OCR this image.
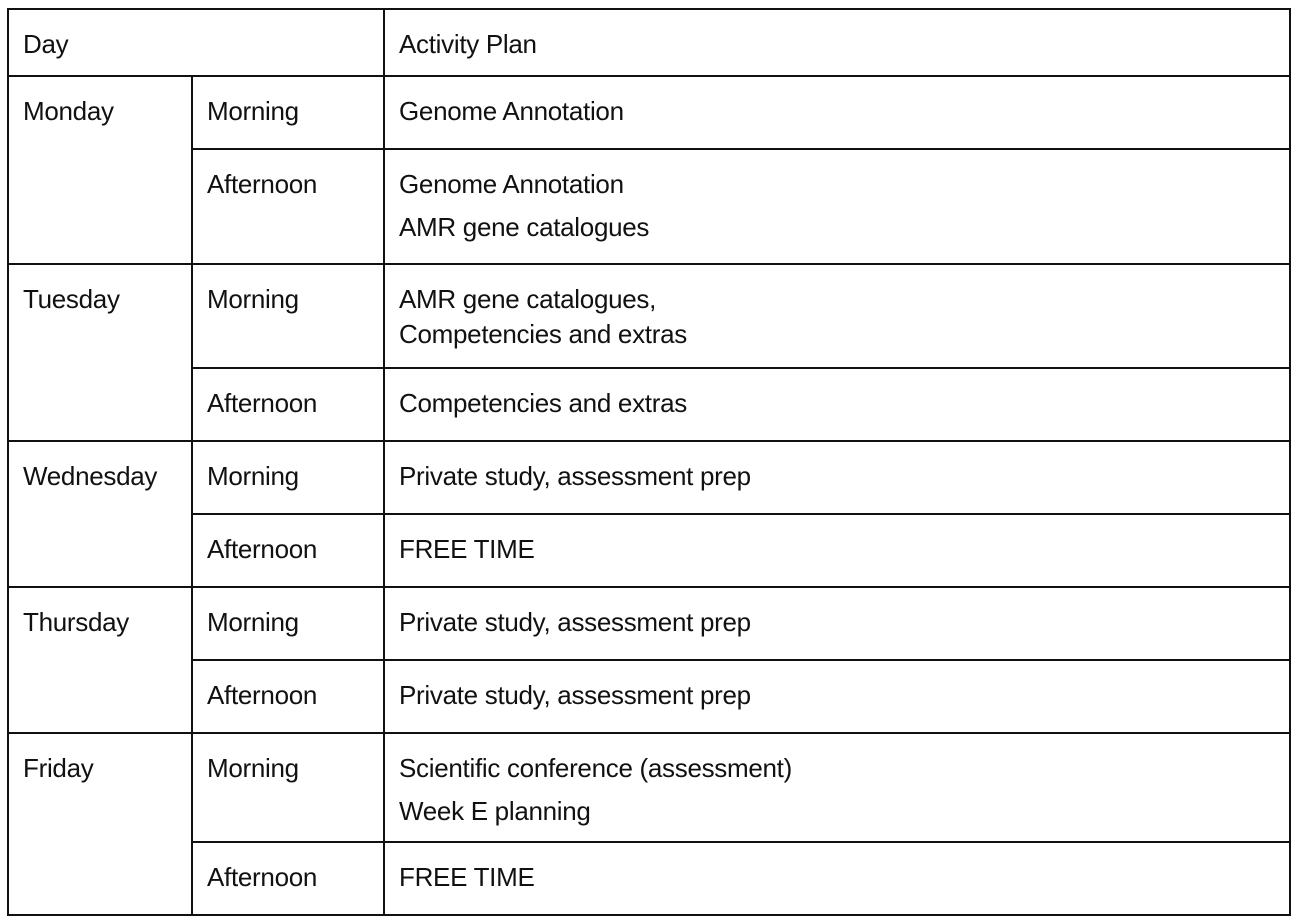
Day		Activity Plan
Monday	Morning	Genome Annotation

	Afternoon	Genome Annotation
AMR gene catalogues

Tuesday	Morning	AMR gene catalogues,
Competencies and extras

	Afternoon	Competencies and extras

Wednesday	Morning	Private study, assessment prep

	Afternoon	FREE TIME

Thursday	Morning	Private study, assessment prep

	Afternoon	Private study, assessment prep

Friday	Morning	Scientific conference (assessment)
Week E planning

	Afternoon	FREE TIME
